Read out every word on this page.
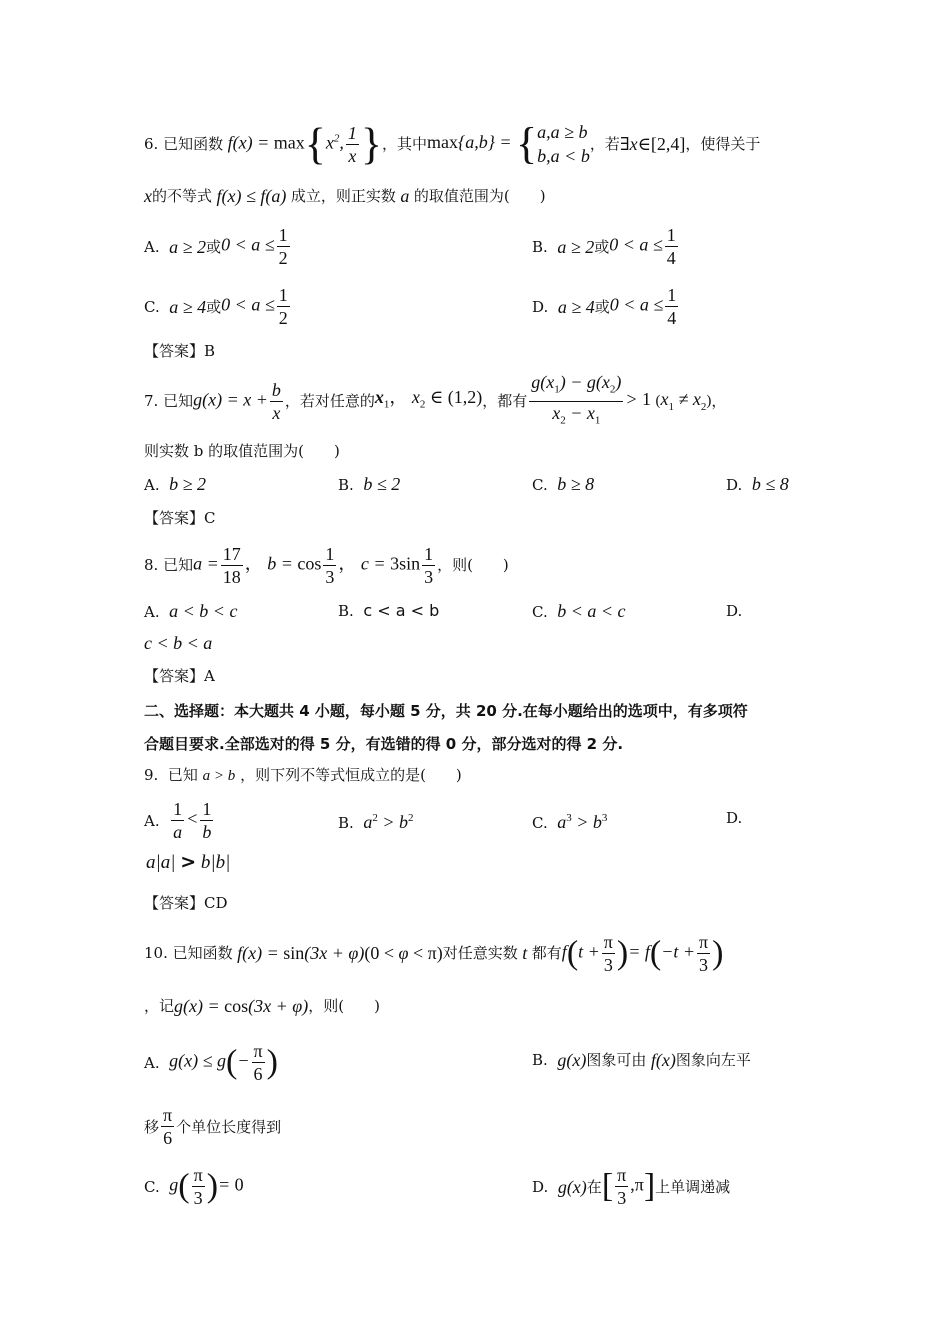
6.
已知函数 $f(x) = \max\{x^2$, $\frac{1}{x}$ } ，其中 max{a,b} = {a,a ≥ b
b,a < b
，若 ∃x∈[2,4] ，使得关于
x 的不等式 f(x) ≤ f(a) 成立，则正实数 a 的取值范围为(　　)
A.
a ≥ 2 或 $0 < a \le \frac{1}{2}$	B.
a ≥ 2 或 $0 < a \le \frac{1}{4}$
C.
a ≥ 4 或 $0 < a \le \frac{1}{2}$	D.
a ≥ 4 或 $0 < a \le \frac{1}{4}$
【答案】B
7.
已知 $g(x) = x + \frac{b}{x}$ ，若对任意的 $x_1$， $x_2$ ∈ (1,2) ，都有 $\frac{g(x_1) - g(x_2)}{x_2 - x_1} > 1$ $(x_1 \ne x_2)$ ，
则实数 b 的取值范围为(　　)
A. b ≥ 2	B. b ≤ 2	C. b ≥ 8	D. b ≤ 8
【答案】C
8.
已知 $a = \frac{17}{18}$ ， $b = \cos \frac{1}{3}$ ， $c = 3\sin \frac{1}{3}$ ，则(　　)
A. a < b < c	B. c < a < b	C. b < a < c	D.
c < b < a
【答案】A
二、选择题：本大题共 4 小题，每小题 5 分，共 20 分.在每小题给出的选项中，有多项符
合题目要求.全部选对的得 5 分，有选错的得 0 分，部分选对的得 2 分.
9. 已知 a > b ，则下列不等式恒成立的是(　　)
A.
$\frac{1}{a} < \frac{1}{b}$	B. $a^2 > b^2$	C. $a^3 > b^3$	D.
a|a| > b|b|
【答案】CD
10.
已知函数 f(x) = sin(3x + φ)(0 < φ < π) 对任意实数 t 都有 $f(t + \frac{\pi}{3}$ )= $f(-t + \frac{\pi}{3}$ )
，记 g(x) = cos(3x + φ) ，则(　　)
A.
$g(x) \le g(- \frac{\pi}{6}$ )	B.
g(x) 图象可由 f(x) 图象向左平
移 $\frac{\pi}{6}$ 个单位长度得到
C.
$g( \frac{\pi}{3}$ )= 0	D.
g(x) 在 [ $\frac{\pi}{3} ,\pi$] 上单调递减
